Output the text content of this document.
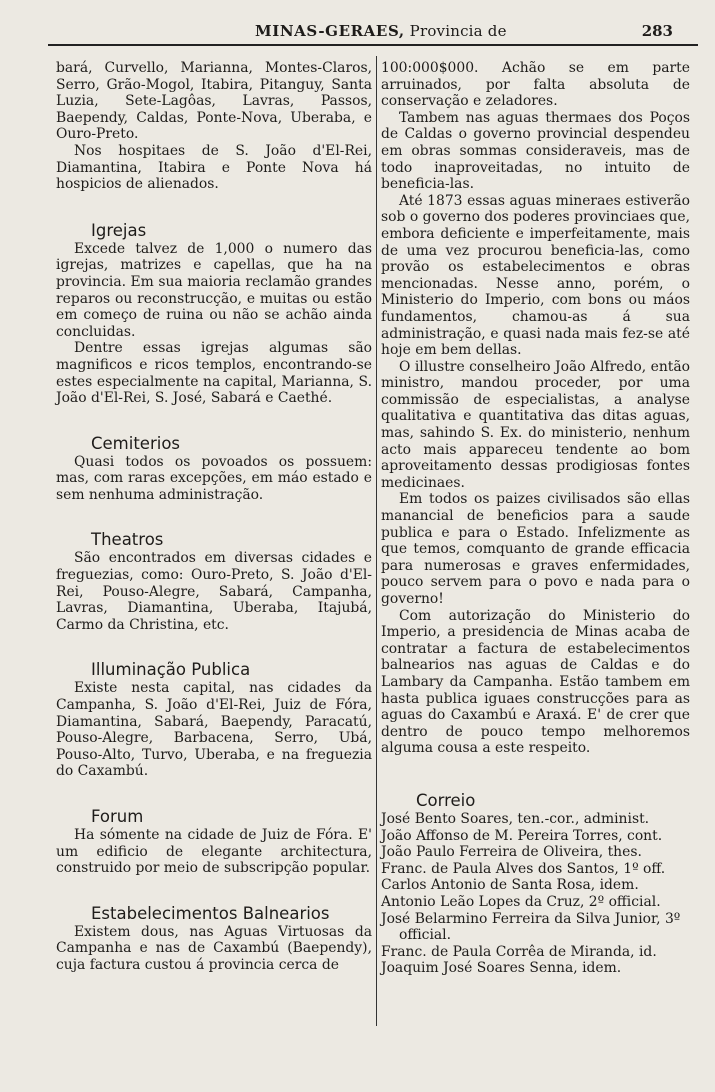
MINAS-GERAES, Provincia de	283

bará, Curvello, Marianna, Montes-Claros, Serro, Grão-Mogol, Itabira, Pitanguy, Santa Luzia, Sete-Lagôas, Lavras, Passos, Baependy, Caldas, Ponte-Nova, Uberaba, e Ouro-Preto.

Nos hospitaes de S. João d'El-Rei, Diamantina, Itabira e Ponte Nova há hospicios de alienados.

Igrejas

Excede talvez de 1,000 o numero das igrejas, matrizes e capellas, que ha na provincia. Em sua maioria reclamão grandes reparos ou reconstrucção, e muitas ou estão em começo de ruina ou não se achão ainda concluidas.

Dentre essas igrejas algumas são magnificos e ricos templos, encontrando-se estes especialmente na capital, Marianna, S. João d'El-Rei, S. José, Sabará e Caethé.

Cemiterios

Quasi todos os povoados os possuem: mas, com raras excepções, em máo estado e sem nenhuma administração.

Theatros

São encontrados em diversas cidades e freguezias, como: Ouro-Preto, S. João d'El-Rei, Pouso-Alegre, Sabará, Campanha, Lavras, Diamantina, Uberaba, Itajubá, Carmo da Christina, etc.

Illuminação Publica

Existe nesta capital, nas cidades da Campanha, S. João d'El-Rei, Juiz de Fóra, Diamantina, Sabará, Baependy, Paracatú, Pouso-Alegre, Barbacena, Serro, Ubá, Pouso-Alto, Turvo, Uberaba, e na freguezia do Caxambú.

Forum

Ha sómente na cidade de Juiz de Fóra. E' um edificio de elegante architectura, construido por meio de subscripção popular.

Estabelecimentos Balnearios

Existem dous, nas Aguas Virtuosas da Campanha e nas de Caxambú (Baependy), cuja factura custou á provincia cerca de

100:000$000. Achão se em parte arruinados, por falta absoluta de conservação e zeladores.

Tambem nas aguas thermaes dos Poços de Caldas o governo provincial despendeu em obras sommas consideraveis, mas de todo inaproveitadas, no intuito de beneficia-las.

Até 1873 essas aguas mineraes estiverão sob o governo dos poderes provinciaes que, embora deficiente e imperfeitamente, mais de uma vez procurou beneficia-las, como provão os estabelecimentos e obras mencionadas. Nesse anno, porém, o Ministerio do Imperio, com bons ou máos fundamentos, chamou-as á sua administração, e quasi nada mais fez-se até hoje em bem dellas.

O illustre conselheiro João Alfredo, então ministro, mandou proceder, por uma commissão de especialistas, a analyse qualitativa e quantitativa das ditas aguas, mas, sahindo S. Ex. do ministerio, nenhum acto mais appareceu tendente ao bom aproveitamento dessas prodigiosas fontes medicinaes.

Em todos os paizes civilisados são ellas manancial de beneficios para a saude publica e para o Estado. Infelizmente as que temos, comquanto de grande efficacia para numerosas e graves enfermidades, pouco servem para o povo e nada para o governo!

Com autorização do Ministerio do Imperio, a presidencia de Minas acaba de contratar a factura de estabelecimentos balnearios nas aguas de Caldas e do Lambary da Campanha. Estão tambem em hasta publica iguaes construcções para as aguas do Caxambú e Araxá. E' de crer que dentro de pouco tempo melhoremos alguma cousa a este respeito.

Correio

José Bento Soares, ten.-cor., administ.

João Affonso de M. Pereira Torres, cont.

João Paulo Ferreira de Oliveira, thes.

Franc. de Paula Alves dos Santos, 1º off.

Carlos Antonio de Santa Rosa, idem.

Antonio Leão Lopes da Cruz, 2º official.

José Belarmino Ferreira da Silva Junior, 3º official.

Franc. de Paula Corrêa de Miranda, id.

Joaquim José Soares Senna, idem.
